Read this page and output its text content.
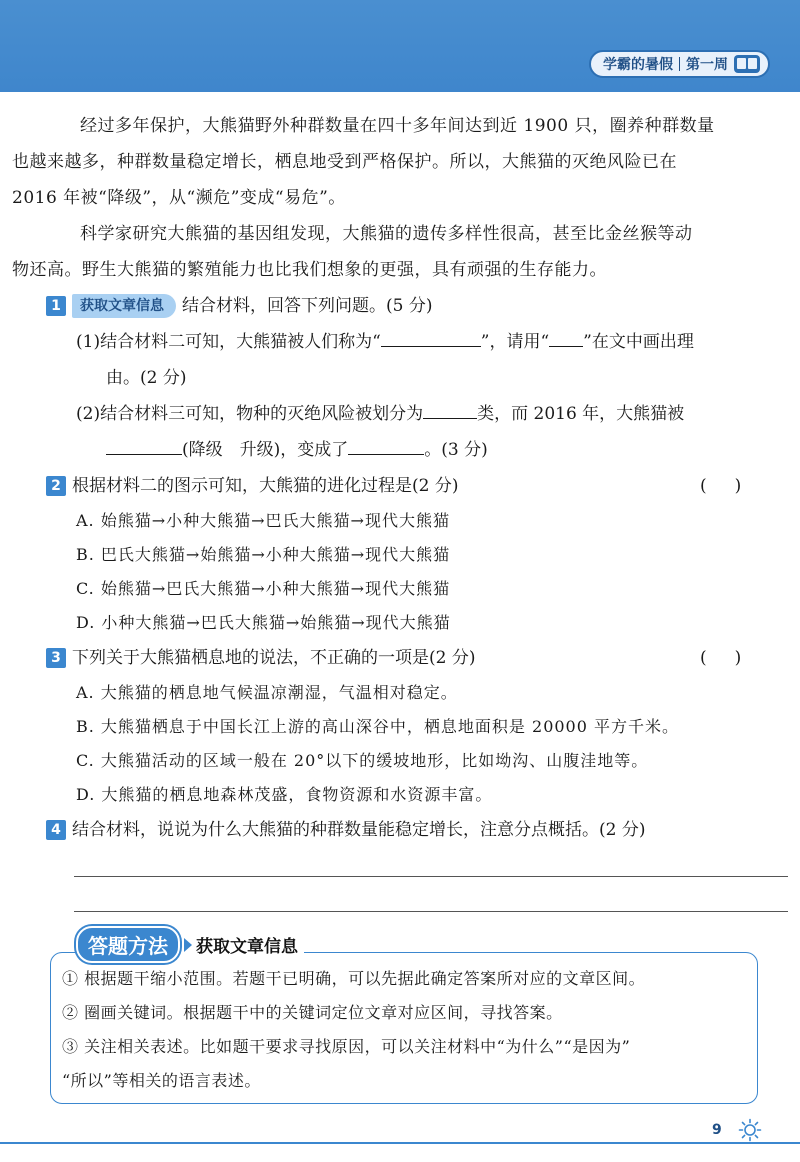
学霸的暑假 第一周
经过多年保护，大熊猫野外种群数量在四十多年间达到近 1900 只，圈养种群数量
也越来越多，种群数量稳定增长，栖息地受到严格保护。所以，大熊猫的灭绝风险已在
2016 年被“降级”，从“濒危”变成“易危”。
科学家研究大熊猫的基因组发现，大熊猫的遗传多样性很高，甚至比金丝猴等动
物还高。野生大熊猫的繁殖能力也比我们想象的更强，具有顽强的生存能力。
1	获取文章信息	结合材料，回答下列问题。(5 分)
(1)结合材料二可知，大熊猫被人们称为“	”，请用“ ”在文中画出理
由。(2 分)
(2)结合材料三可知，物种的灭绝风险被划分为	类，而 2016 年，大熊猫被
(降级　升级)，变成了	。(3 分)
2 根据材料二的图示可知，大熊猫的进化过程是(2 分)	()
A. 始熊猫→小种大熊猫→巴氏大熊猫→现代大熊猫
B. 巴氏大熊猫→始熊猫→小种大熊猫→现代大熊猫
C. 始熊猫→巴氏大熊猫→小种大熊猫→现代大熊猫
D. 小种大熊猫→巴氏大熊猫→始熊猫→现代大熊猫
3 下列关于大熊猫栖息地的说法，不正确的一项是(2 分)	()
A. 大熊猫的栖息地气候温凉潮湿，气温相对稳定。
B. 大熊猫栖息于中国长江上游的高山深谷中，栖息地面积是 20000 平方千米。
C. 大熊猫活动的区域一般在 20°以下的缓坡地形，比如坳沟、山腹洼地等。
D. 大熊猫的栖息地森林茂盛，食物资源和水资源丰富。
4 结合材料，说说为什么大熊猫的种群数量能稳定增长，注意分点概括。(2 分)
答题方法	获取文章信息
① 根据题干缩小范围。若题干已明确，可以先据此确定答案所对应的文章区间。
② 圈画关键词。根据题干中的关键词定位文章对应区间，寻找答案。
③ 关注相关表述。比如题干要求寻找原因，可以关注材料中“为什么”“是因为”
“所以”等相关的语言表述。
9
